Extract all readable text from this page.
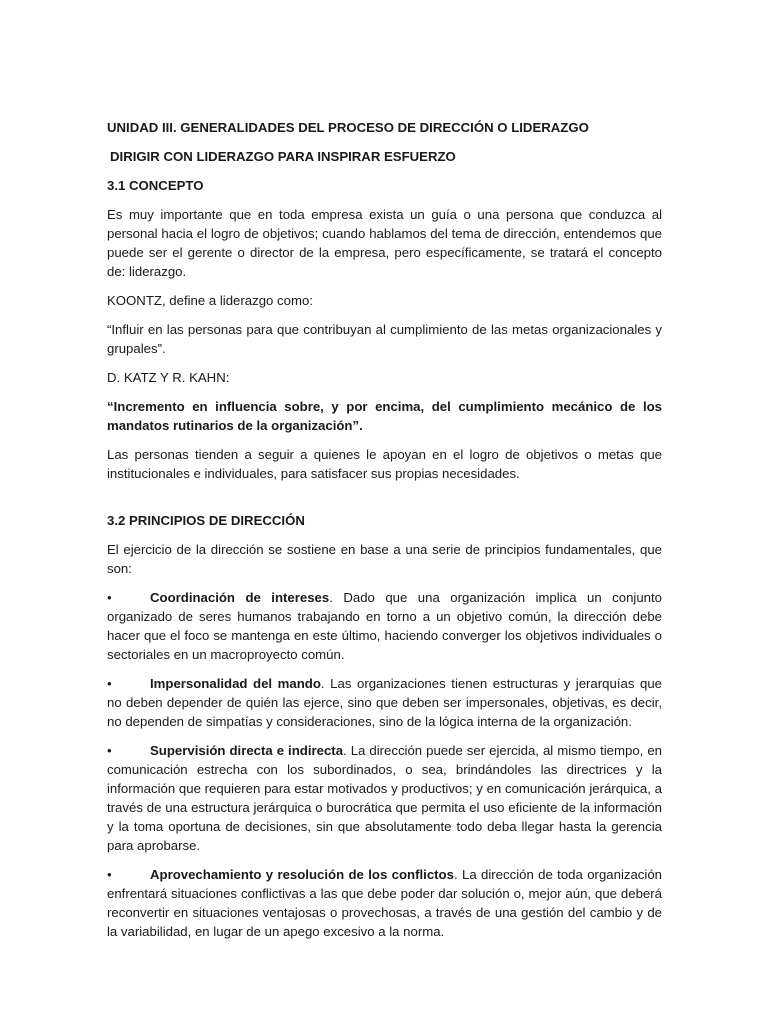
UNIDAD III. GENERALIDADES DEL PROCESO DE DIRECCIÓN O LIDERAZGO

DIRIGIR CON LIDERAZGO PARA INSPIRAR ESFUERZO

3.1 CONCEPTO

Es muy importante que en toda empresa exista un guía o una persona que conduzca al personal hacia el logro de objetivos; cuando hablamos del tema de dirección, entendemos que puede ser el gerente o director de la empresa, pero específicamente, se tratará el concepto de: liderazgo.

KOONTZ, define a liderazgo como:

“Influir en las personas para que contribuyan al cumplimiento de las metas organizacionales y grupales”.

D. KATZ Y R. KAHN:

“Incremento en influencia sobre, y por encima, del cumplimiento mecánico de los mandatos rutinarios de la organización”.

Las personas tienden a seguir a quienes le apoyan en el logro de objetivos o metas que institucionales e individuales, para satisfacer sus propias necesidades.

3.2 PRINCIPIOS DE DIRECCIÓN

El ejercicio de la dirección se sostiene en base a una serie de principios fundamentales, que son:

•	Coordinación de intereses. Dado que una organización implica un conjunto organizado de seres humanos trabajando en torno a un objetivo común, la dirección debe hacer que el foco se mantenga en este último, haciendo converger los objetivos individuales o sectoriales en un macroproyecto común.

•	Impersonalidad del mando. Las organizaciones tienen estructuras y jerarquías que no deben depender de quién las ejerce, sino que deben ser impersonales, objetivas, es decir, no dependen de simpatías y consideraciones, sino de la lógica interna de la organización.

•	Supervisión directa e indirecta. La dirección puede ser ejercida, al mismo tiempo, en comunicación estrecha con los subordinados, o sea, brindándoles las directrices y la información que requieren para estar motivados y productivos; y en comunicación jerárquica, a través de una estructura jerárquica o burocrática que permita el uso eficiente de la información y la toma oportuna de decisiones, sin que absolutamente todo deba llegar hasta la gerencia para aprobarse.

•	Aprovechamiento y resolución de los conflictos. La dirección de toda organización enfrentará situaciones conflictivas a las que debe poder dar solución o, mejor aún, que deberá reconvertir en situaciones ventajosas o provechosas, a través de una gestión del cambio y de la variabilidad, en lugar de un apego excesivo a la norma.
